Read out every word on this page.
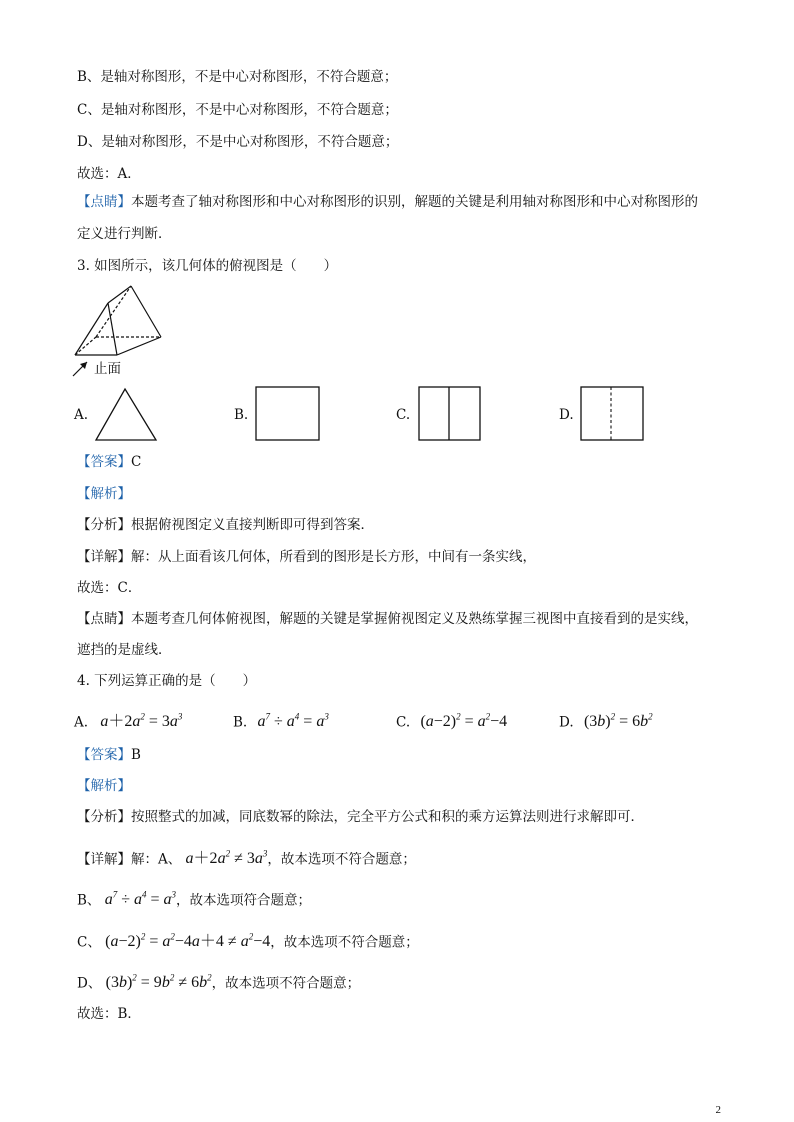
B、是轴对称图形，不是中心对称图形，不符合题意；
C、是轴对称图形，不是中心对称图形，不符合题意；
D、是轴对称图形，不是中心对称图形，不符合题意；
故选：A．
【点睛】本题考查了轴对称图形和中心对称图形的识别，解题的关键是利用轴对称图形和中心对称图形的
定义进行判断．
3. 如图所示，该几何体的俯视图是（　　）
止面
A.	B.	C.	D.
【答案】C
【解析】
【分析】根据俯视图定义直接判断即可得到答案．
【详解】解：从上面看该几何体，所看到的图形是长方形，中间有一条实线，
故选：C．
【点睛】本题考查几何体俯视图，解题的关键是掌握俯视图定义及熟练掌握三视图中直接看到的是实线，
遮挡的是虚线．
4. 下列运算正确的是（　　）
A. $a+2a^2 = 3a^3$	B. $a^7 \div a^4 = a^3$	C. $(a-2)^2 = a^2-4$	D. $(3b)^2 = 6b^2$
【答案】B
【解析】
【分析】按照整式的加减，同底数幂的除法，完全平方公式和积的乘方运算法则进行求解即可．
【详解】解：A、 $a+2a^2 \ne 3a^3$，故本选项不符合题意；
B、 $a^7 \div a^4 = a^3$，故本选项符合题意；
C、 $(a-2)^2 = a^2-4a+4 \ne a^2-4$，故本选项不符合题意；
D、 $(3b)^2 = 9b^2 \ne 6b^2$，故本选项不符合题意；
故选：B．
2
